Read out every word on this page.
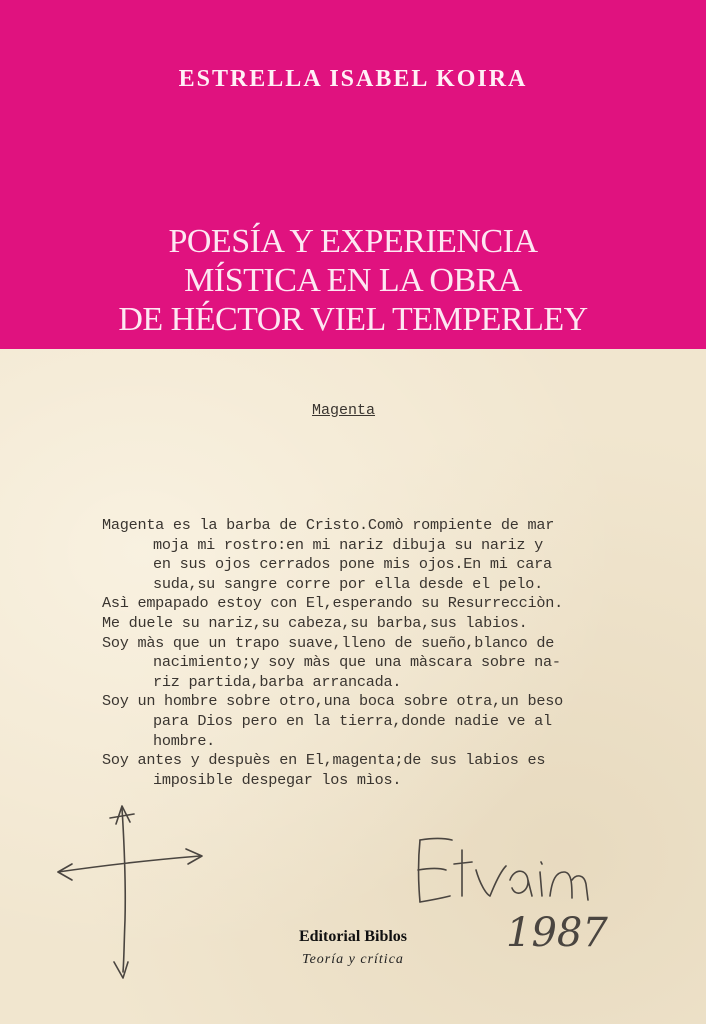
ESTRELLA ISABEL KOIRA
POESÍA Y EXPERIENCIA
MÍSTICA EN LA OBRA
DE HÉCTOR VIEL TEMPERLEY
Magenta
Magenta es la barba de Cristo.Comò rompiente de mar
moja mi rostro:en mi nariz dibuja su nariz y
en sus ojos cerrados pone mis ojos.En mi cara
suda,su sangre corre por ella desde el pelo.
Asì empapado estoy con El,esperando su Resurrecciòn.
Me duele su nariz,su cabeza,su barba,sus labios.
Soy màs que un trapo suave,lleno de sueño,blanco de
nacimiento;y soy màs que una màscara sobre na-
riz partida,barba arrancada.
Soy un hombre sobre otro,una boca sobre otra,un beso
para Dios pero en la tierra,donde nadie ve al
hombre.
Soy antes y despuès en El,magenta;de sus labios es
imposible despegar los mìos.
1987
Editorial Biblos
Teoría y crítica
